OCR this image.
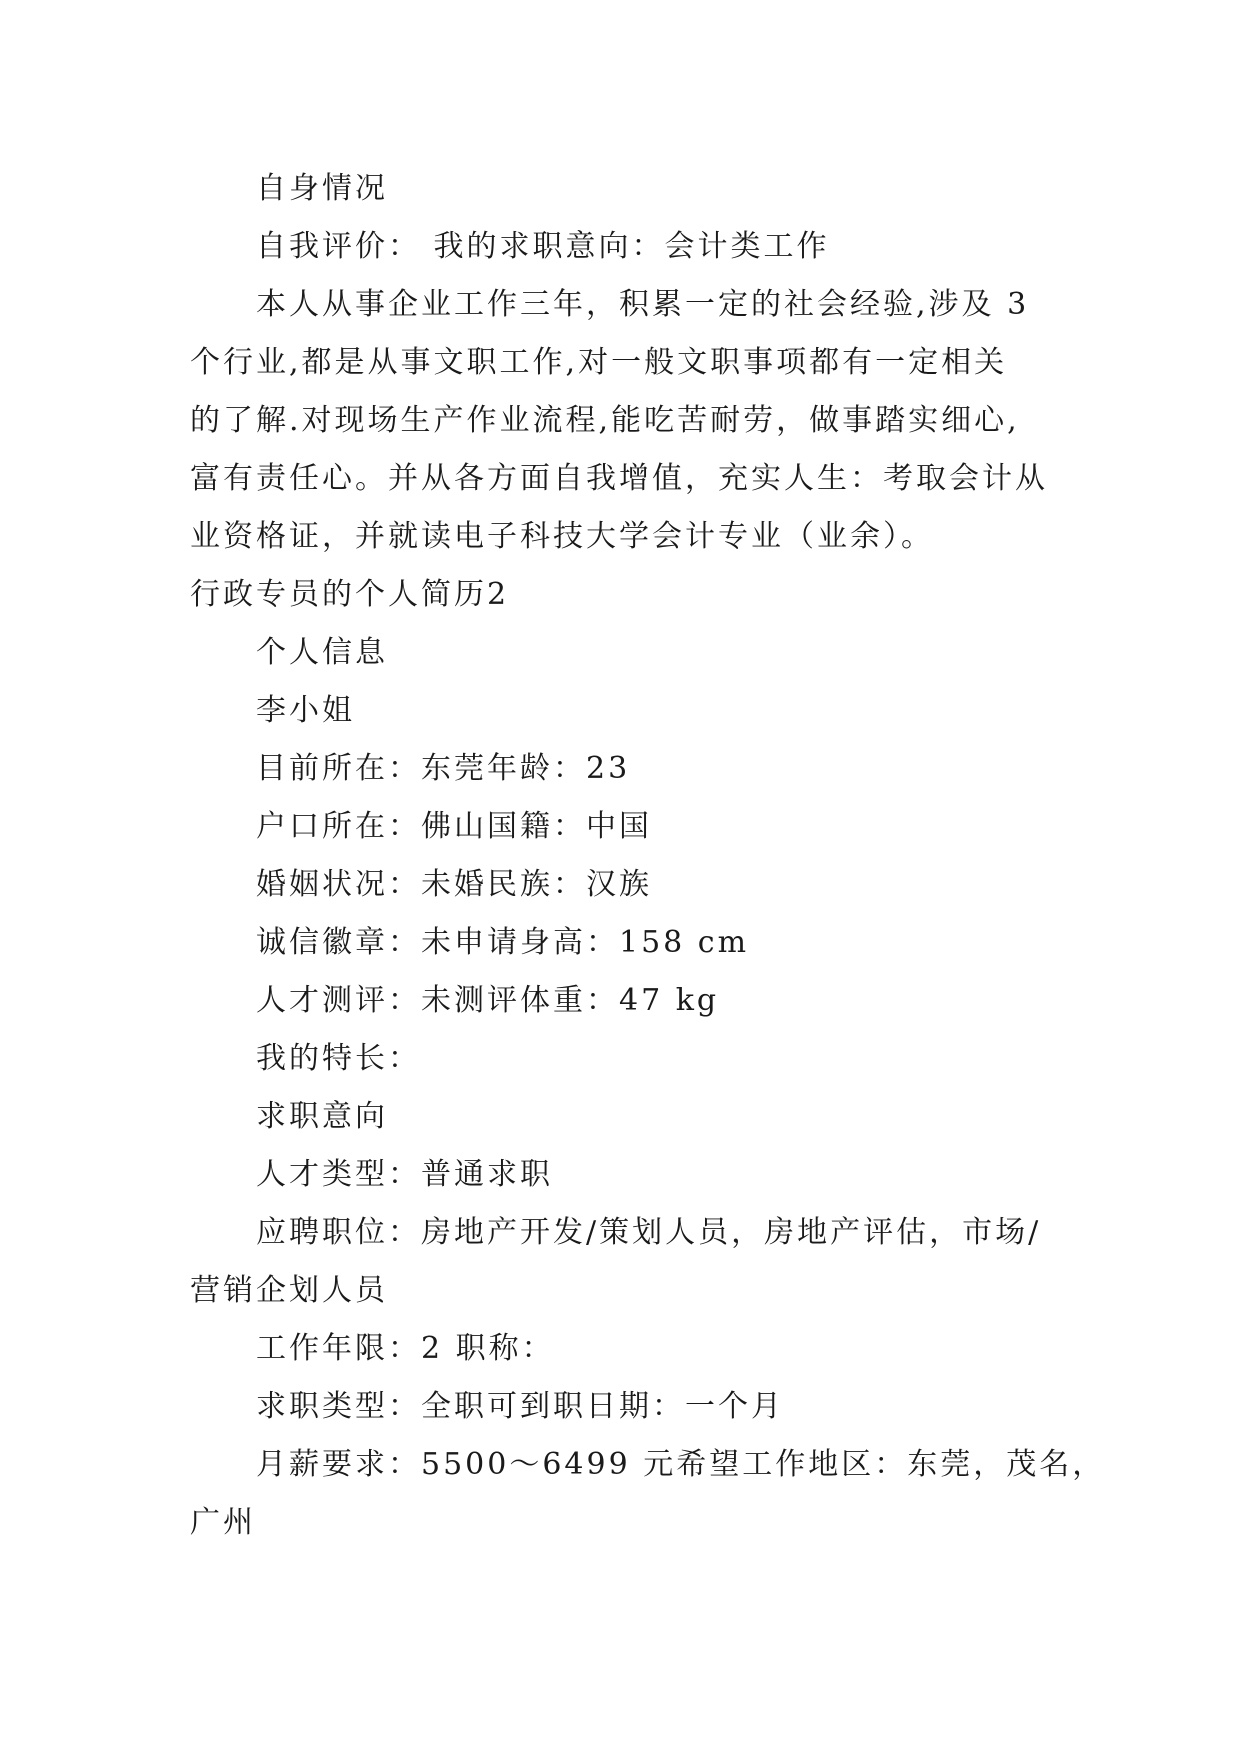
自身情况
自我评价： 我的求职意向：会计类工作
本人从事企业工作三年，积累一定的社会经验,涉及 3
个行业,都是从事文职工作,对一般文职事项都有一定相关
的了解.对现场生产作业流程,能吃苦耐劳，做事踏实细心,
富有责任心。并从各方面自我增值，充实人生：考取会计从
业资格证，并就读电子科技大学会计专业（业余）。
行政专员的个人简历2
个人信息
李小姐
目前所在：东莞年龄：23
户口所在：佛山国籍：中国
婚姻状况：未婚民族：汉族
诚信徽章：未申请身高：158 cm
人才测评：未测评体重：47 kg
我的特长：
求职意向
人才类型：普通求职
应聘职位：房地产开发/策划人员，房地产评估，市场/
营销企划人员
工作年限：2 职称：
求职类型：全职可到职日期：一个月
月薪要求：5500～6499 元希望工作地区：东莞，茂名，
广州
